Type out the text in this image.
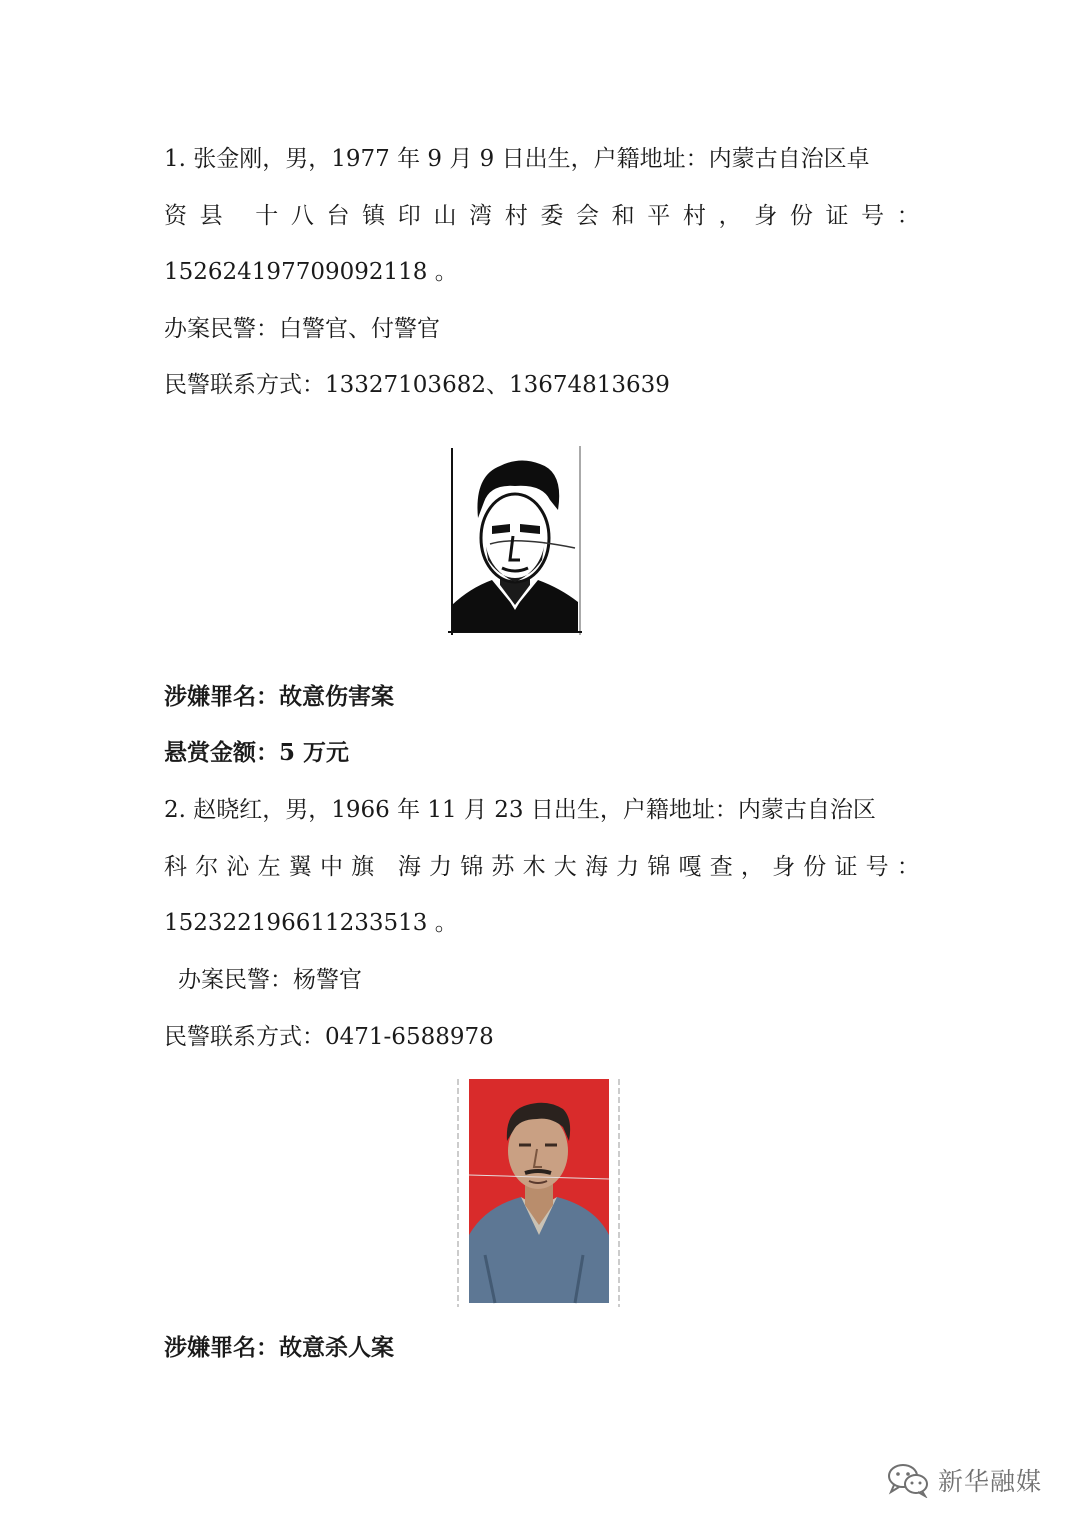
1. 张金刚，男，1977 年 9 月 9 日出生，户籍地址：内蒙古自治区卓
资 县
十 八 台 镇 印 山 湾 村 委 会 和 平 村 ， 身 份 证 号 ：
152624197709092118 。
办案民警：白警官、付警官
民警联系方式：13327103682、13674813639
涉嫌罪名：故意伤害案
悬赏金额：5 万元
2. 赵晓红，男，1966 年 11 月 23 日出生，户籍地址：内蒙古自治区
科 尔 沁 左 翼 中 旗
海 力 锦 苏 木 大 海 力 锦 嘎 查 ， 身 份 证 号 ：
152322196611233513 。
办案民警：杨警官
民警联系方式：0471-6588978
涉嫌罪名：故意杀人案
新华融媒
